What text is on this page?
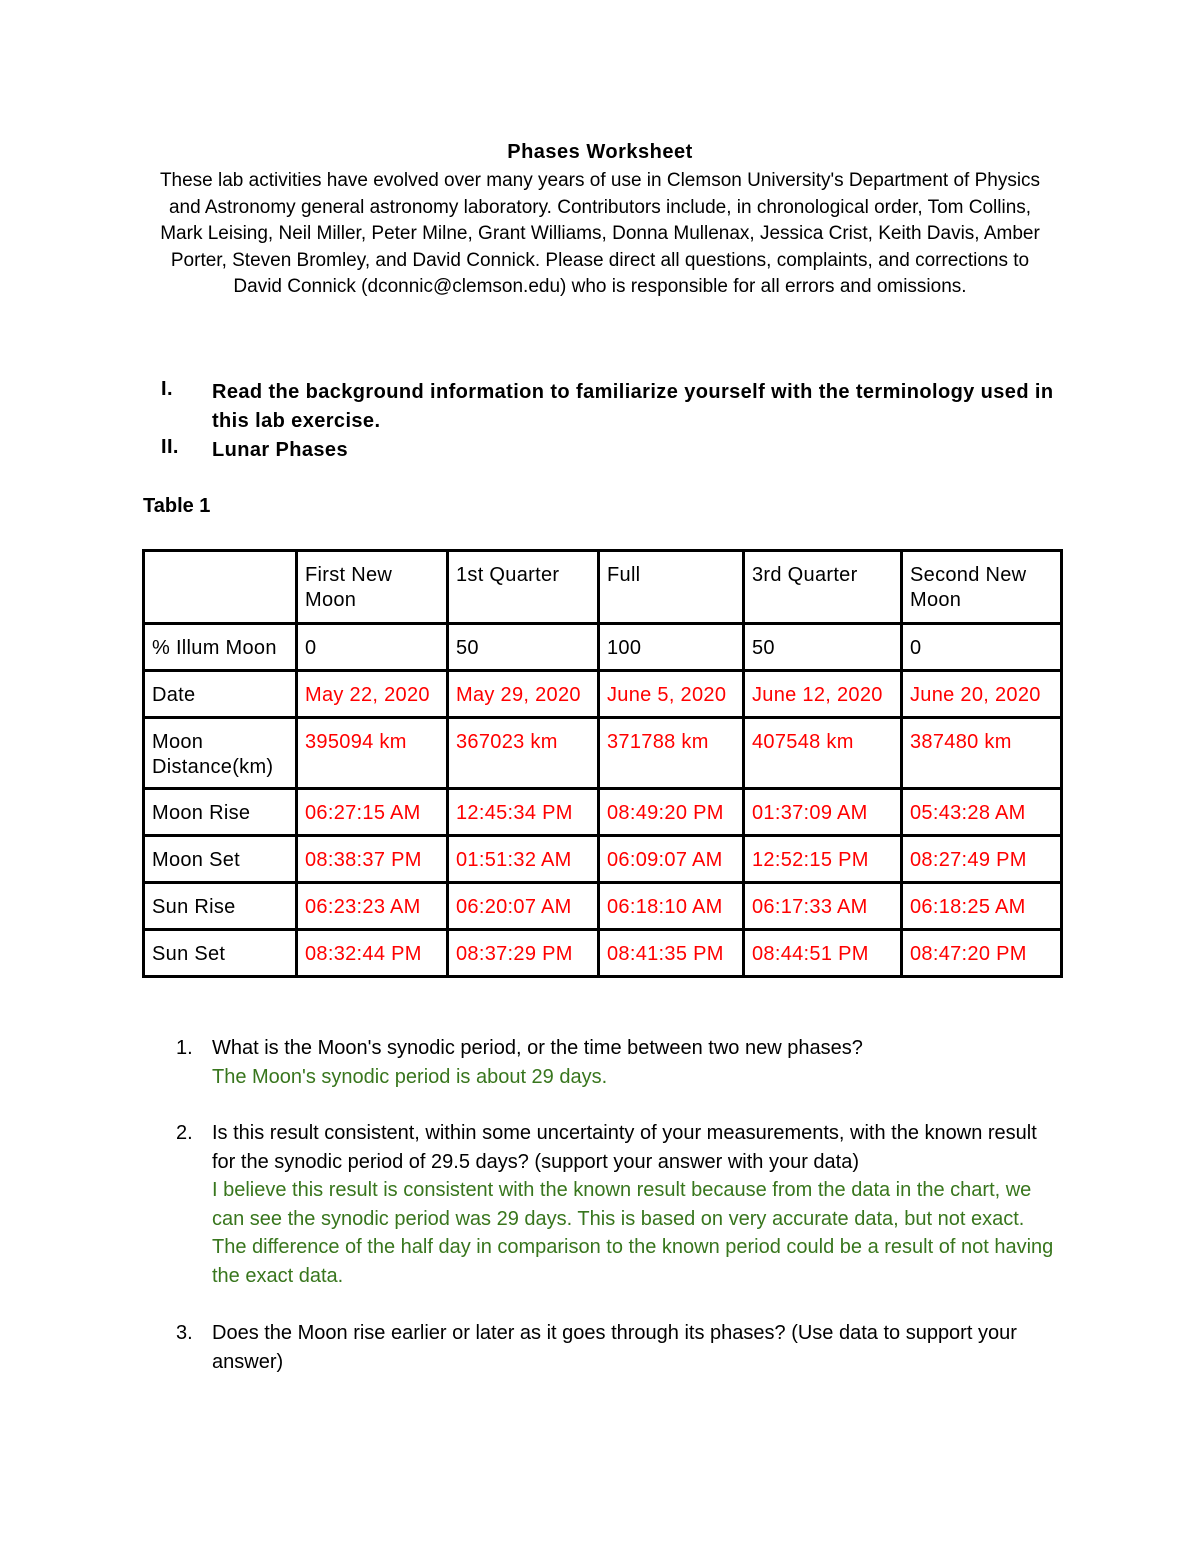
Phases Worksheet
These lab activities have evolved over many years of use in Clemson University's Department of Physics
and Astronomy general astronomy laboratory. Contributors include, in chronological order, Tom Collins,
Mark Leising, Neil Miller, Peter Milne, Grant Williams, Donna Mullenax, Jessica Crist, Keith Davis, Amber
Porter, Steven Bromley, and David Connick. Please direct all questions, complaints, and corrections to
David Connick (dconnic@clemson.edu) who is responsible for all errors and omissions.
I. Read the background information to familiarize yourself with the terminology used in this lab exercise.
II. Lunar Phases
Table 1
	First New Moon	1st Quarter	Full	3rd Quarter	Second New Moon
% Illum Moon	0	50	100	50	0
Date	May 22, 2020	May 29, 2020	June 5, 2020	June 12, 2020	June 20, 2020
Moon Distance(km)	395094 km	367023 km	371788 km	407548 km	387480 km
Moon Rise	06:27:15 AM	12:45:34 PM	08:49:20 PM	01:37:09 AM	05:43:28 AM
Moon Set	08:38:37 PM	01:51:32 AM	06:09:07 AM	12:52:15 PM	08:27:49 PM
Sun Rise	06:23:23 AM	06:20:07 AM	06:18:10 AM	06:17:33 AM	06:18:25 AM
Sun Set	08:32:44 PM	08:37:29 PM	08:41:35 PM	08:44:51 PM	08:47:20 PM
1. What is the Moon's synodic period, or the time between two new phases?
The Moon's synodic period is about 29 days.
2. Is this result consistent, within some uncertainty of your measurements, with the known result for the synodic period of 29.5 days? (support your answer with your data)
I believe this result is consistent with the known result because from the data in the chart, we can see the synodic period was 29 days. This is based on very accurate data, but not exact. The difference of the half day in comparison to the known period could be a result of not having the exact data.
3. Does the Moon rise earlier or later as it goes through its phases? (Use data to support your answer)
